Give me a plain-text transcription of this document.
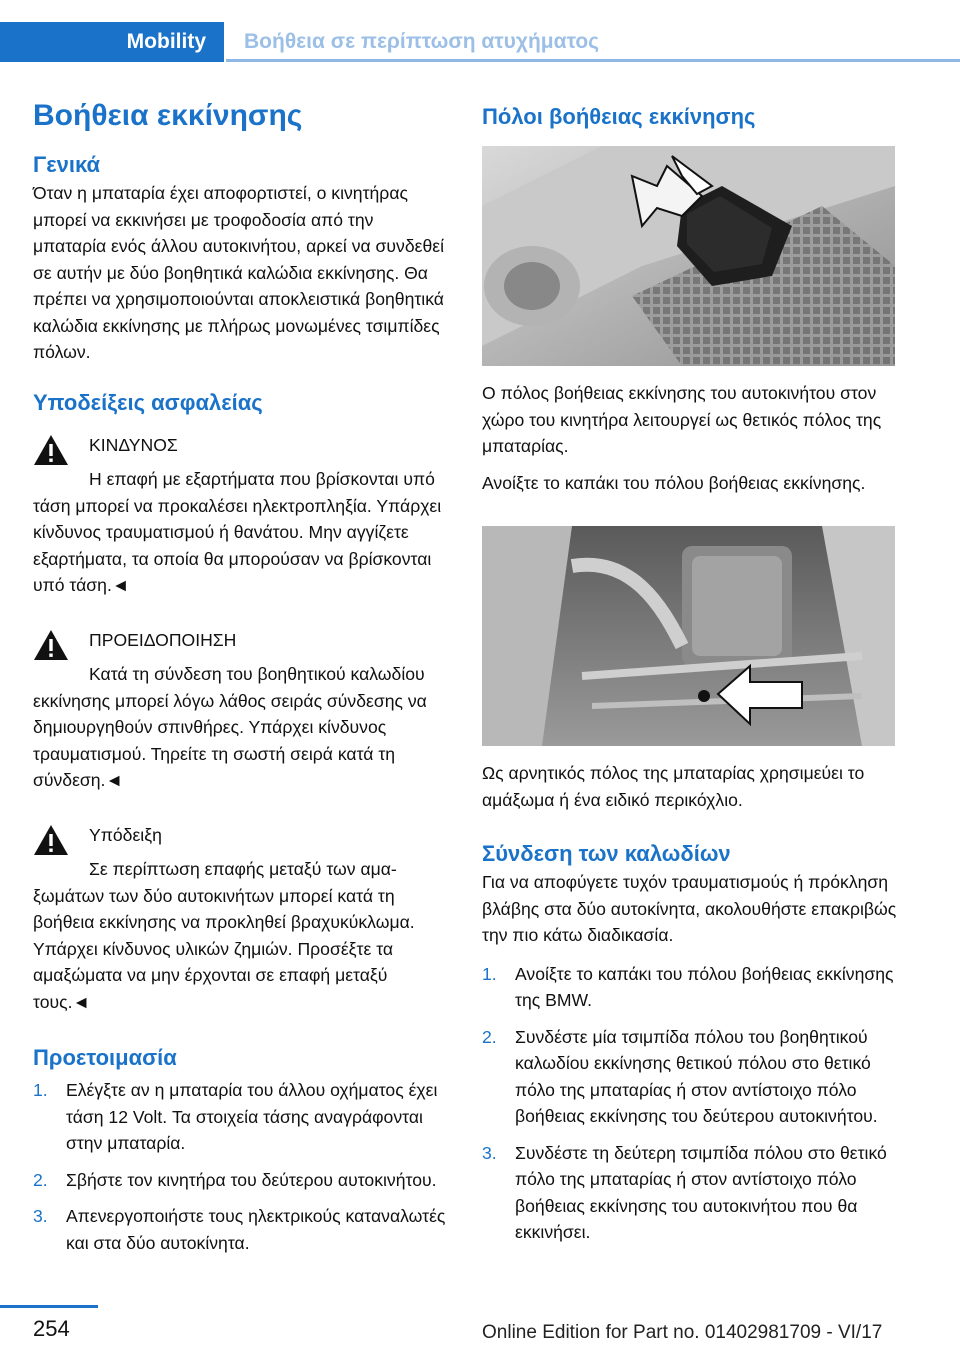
Mobility	Βοήθεια σε περίπτωση ατυχήματος
Βοήθεια εκκίνησης
Γενικά
Όταν η μπαταρία έχει αποφορτιστεί, ο κινητήρας μπορεί να εκκινήσει με τροφοδοσία από την μπαταρία ενός άλλου αυτοκινήτου, αρκεί να συνδεθεί σε αυτήν με δύο βοηθητικά καλώδια εκκίνησης. Θα πρέπει να χρησιμοποιούνται αποκλειστικά βοηθητικά καλώδια εκκίνησης με πλήρως μονωμένες τσιμπίδες πόλων.
Υποδείξεις ασφαλείας
ΚΙΝΔΥΝΟΣ
Η επαφή με εξαρτήματα που βρίσκονται υπό τάση μπορεί να προκαλέσει ηλεκτροπληξία. Υπάρχει κίνδυνος τραυματισμού ή θανάτου. Μην αγγίζετε εξαρτήματα, τα οποία θα μπορούσαν να βρίσκονται υπό τάση.◄
ΠΡΟΕΙΔΟΠΟΙΗΣΗ
Κατά τη σύνδεση του βοηθητικού καλωδίου εκκίνησης μπορεί λόγω λάθος σειράς σύνδεσης να δημιουργηθούν σπινθήρες. Υπάρχει κίνδυνος τραυματισμού. Τηρείτε τη σωστή σειρά κατά τη σύνδεση.◄
Υπόδειξη
Σε περίπτωση επαφής μεταξύ των αμαξωμάτων των δύο αυτοκινήτων μπορεί κατά τη βοήθεια εκκίνησης να προκληθεί βραχυκύκλωμα. Υπάρχει κίνδυνος υλικών ζημιών. Προσέξτε τα αμαξώματα να μην έρχονται σε επαφή μεταξύ τους.◄
Προετοιμασία
1. Ελέγξτε αν η μπαταρία του άλλου οχήματος έχει τάση 12 Volt. Τα στοιχεία τάσης αναγράφονται στην μπαταρία.
2. Σβήστε τον κινητήρα του δεύτερου αυτοκινήτου.
3. Απενεργοποιήστε τους ηλεκτρικούς καταναλωτές και στα δύο αυτοκίνητα.
Πόλοι βοήθειας εκκίνησης
Ο πόλος βοήθειας εκκίνησης του αυτοκινήτου στον χώρο του κινητήρα λειτουργεί ως θετικός πόλος της μπαταρίας.
Ανοίξτε το καπάκι του πόλου βοήθειας εκκίνησης.
Ως αρνητικός πόλος της μπαταρίας χρησιμεύει το αμάξωμα ή ένα ειδικό περικόχλιο.
Σύνδεση των καλωδίων
Για να αποφύγετε τυχόν τραυματισμούς ή πρόκληση βλάβης στα δύο αυτοκίνητα, ακολουθήστε επακριβώς την πιο κάτω διαδικασία.
1. Ανοίξτε το καπάκι του πόλου βοήθειας εκκίνησης της BMW.
2. Συνδέστε μία τσιμπίδα πόλου του βοηθητικού καλωδίου εκκίνησης θετικού πόλου στο θετικό πόλο της μπαταρίας ή στον αντίστοιχο πόλο βοήθειας εκκίνησης του δεύτερου αυτοκινήτου.
3. Συνδέστε τη δεύτερη τσιμπίδα πόλου στο θετικό πόλο της μπαταρίας ή στον αντίστοιχο πόλο βοήθειας εκκίνησης του αυτοκινήτου που θα εκκινήσει.
254	Online Edition for Part no. 01402981709 - VI/17
